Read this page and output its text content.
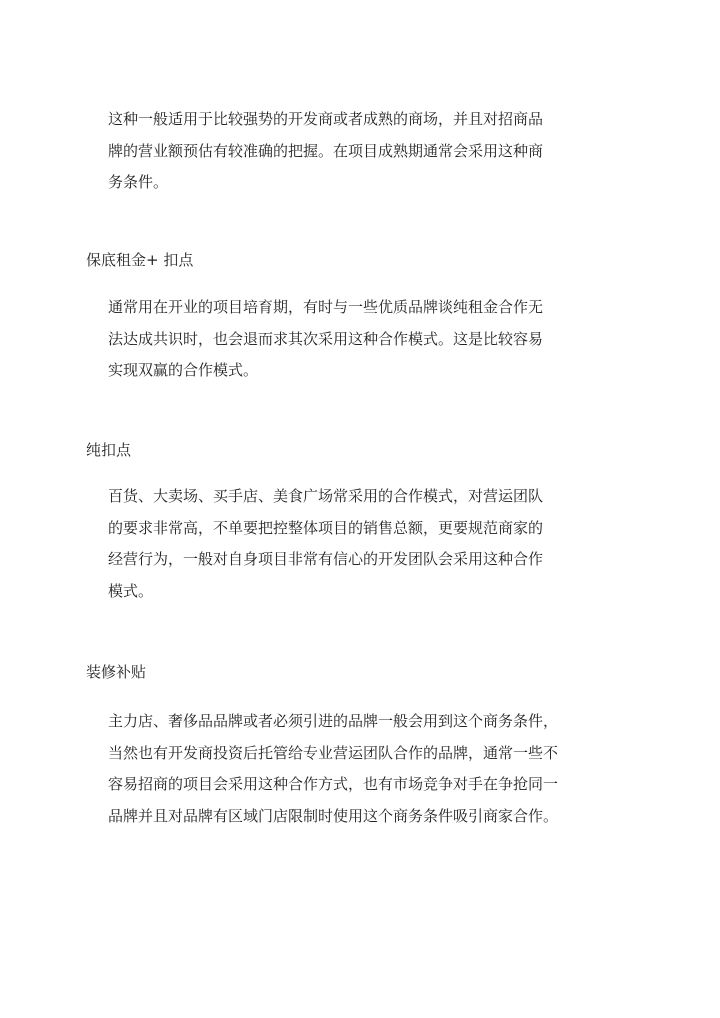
这种一般适用于比较强势的开发商或者成熟的商场，并且对招商品
牌的营业额预估有较准确的把握。在项目成熟期通常会采用这种商
务条件。
保底租金+ 扣点
通常用在开业的项目培育期，有时与一些优质品牌谈纯租金合作无
法达成共识时，也会退而求其次采用这种合作模式。这是比较容易
实现双赢的合作模式。
纯扣点
百货、大卖场、买手店、美食广场常采用的合作模式，对营运团队
的要求非常高，不单要把控整体项目的销售总额，更要规范商家的
经营行为，一般对自身项目非常有信心的开发团队会采用这种合作
模式。
装修补贴
主力店、奢侈品品牌或者必须引进的品牌一般会用到这个商务条件，
当然也有开发商投资后托管给专业营运团队合作的品牌，通常一些不
容易招商的项目会采用这种合作方式，也有市场竞争对手在争抢同一
品牌并且对品牌有区域门店限制时使用这个商务条件吸引商家合作。
